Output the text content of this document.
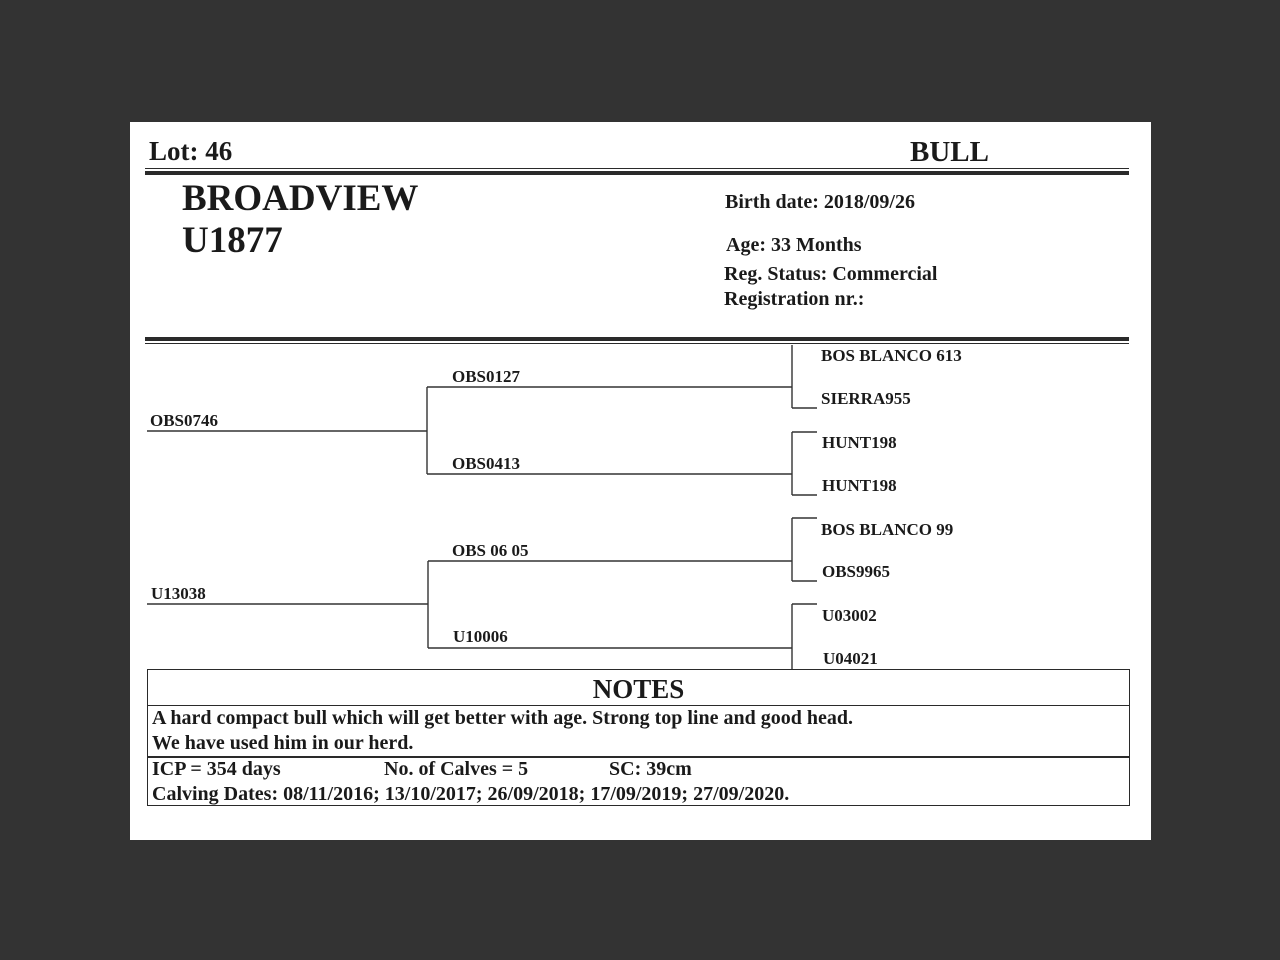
Lot: 46	BULL
BROADVIEW
U1877
Birth date: 2018/09/26
Age: 33 Months
Reg. Status: Commercial
Registration nr.:
OBS0746
U13038
OBS0127
OBS0413
OBS 06 05
U10006
BOS BLANCO 613
SIERRA955
HUNT198
HUNT198
BOS BLANCO 99
OBS9965
U03002
U04021
NOTES
A hard compact bull which will get better with age. Strong top line and good head.
We have used him in our herd.
ICP = 354 days	No. of Calves = 5	SC: 39cm
Calving Dates: 08/11/2016; 13/10/2017; 26/09/2018; 17/09/2019; 27/09/2020.
